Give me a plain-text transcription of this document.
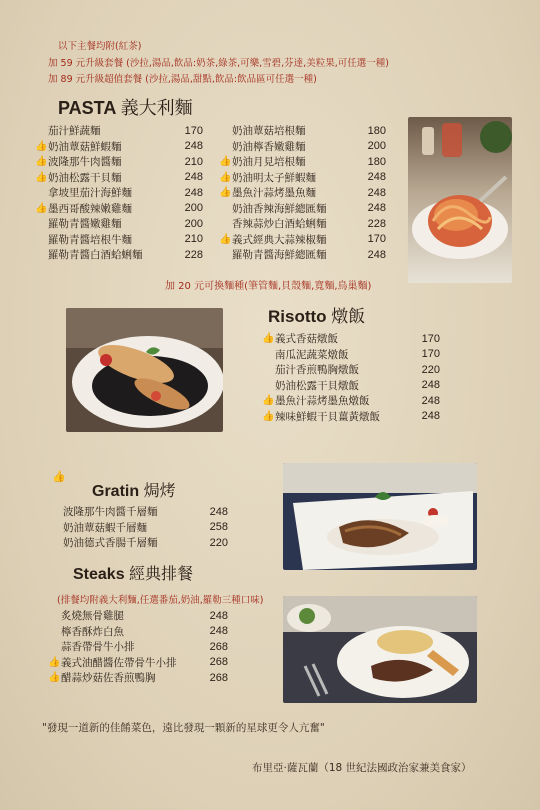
以下主餐均附(紅茶)
加 59 元升級套餐 (沙拉,湯品,飲品:奶茶,綠茶,可樂,雪碧,芬達,美粒果,可任選一種)
加 89 元升級超值套餐 (沙拉,湯品,甜點,飲品:飲品區可任選一種)
PASTA 義大利麵
茄汁鮮蔬麵	170
👍 奶油蕈菇鮮蝦麵	248
👍 波隆那牛肉醬麵	210
👍 奶油松露干貝麵	248
拿坡里茄汁海鮮麵	248
👍 墨西哥酸辣嫩雞麵	200
羅勒青醬嫩雞麵	200
羅勒青醬培根牛麵	210
羅勒青醬白酒蛤蜊麵	228
奶油蕈菇培根麵	180
奶油檸香嫩雞麵	200
👍 奶油月見培根麵	180
👍 奶油明太子鮮蝦麵	248
👍 墨魚汁蒜烤墨魚麵	248
奶油香辣海鮮總匯麵	248
香辣蒜炒白酒蛤蜊麵	228
👍 義式經典大蒜辣椒麵	170
羅勒青醬海鮮總匯麵	248
加 20 元可換麵種(筆管麵,貝殼麵,寬麵,鳥巢麵)
Risotto 燉飯
👍 義式香菇燉飯	170
南瓜泥蔬菜燉飯	170
茄汁香煎鴨胸燉飯	220
奶油松露干貝燉飯	248
👍 墨魚汁蒜烤墨魚燉飯	248
👍 辣味鮮蝦干貝薑黃燉飯	248
👍
Gratin 焗烤
波隆那牛肉醬千層麵	248
奶油蕈菇蝦千層麵	258
奶油德式香腸千層麵	220
Steaks 經典排餐
(排餐均附義大利麵,任選番茄,奶油,羅勒三種口味)
炙燒無骨雞腿	248
檸香酥炸白魚	248
蒜香帶骨牛小排	268
👍 義式油醋醬佐帶骨牛小排	268
👍 醋蒜炒菇佐香煎鴨胸	268
"發現一道新的佳餚菜色，遠比發現一顆新的星球更令人亢奮"
布里亞·薩瓦蘭（18 世紀法國政治家兼美食家）
